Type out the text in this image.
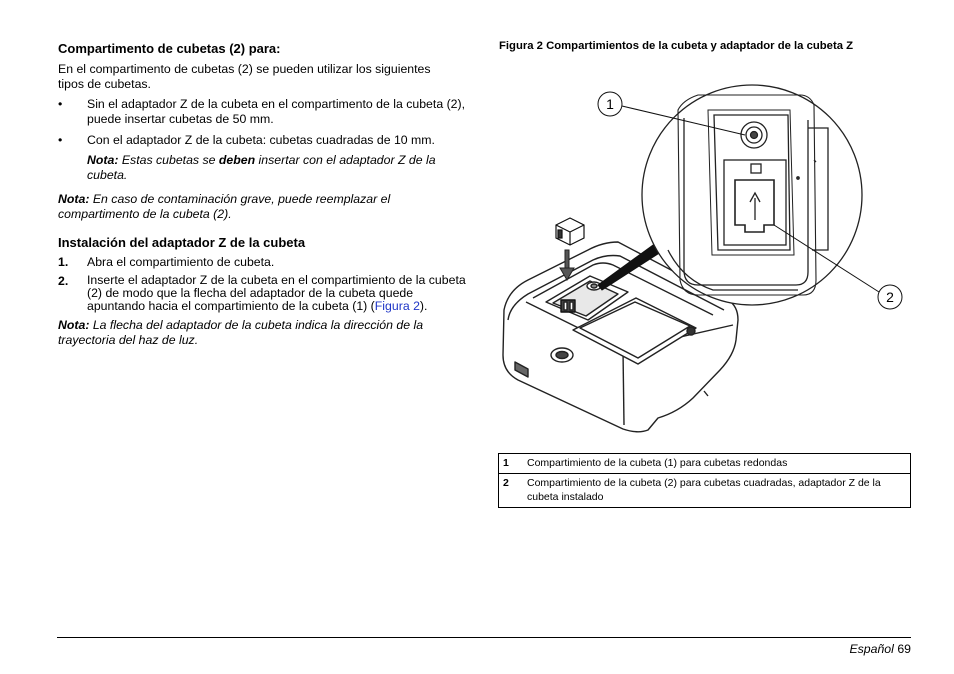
Compartimento de cubetas (2) para:
En el compartimento de cubetas (2) se pueden utilizar los siguientes tipos de cubetas.
• Sin el adaptador Z de la cubeta en el compartimento de la cubeta (2), puede insertar cubetas de 50 mm.
• Con el adaptador Z de la cubeta: cubetas cuadradas de 10 mm.
Nota: Estas cubetas se deben insertar con el adaptador Z de la cubeta.
Nota: En caso de contaminación grave, puede reemplazar el compartimento de la cubeta (2).
Instalación del adaptador Z de la cubeta
1. Abra el compartimiento de cubeta.
2. Inserte el adaptador Z de la cubeta en el compartimiento de la cubeta (2) de modo que la flecha del adaptador de la cubeta quede apuntando hacia el compartimiento de la cubeta (1) (Figura 2).
Nota: La flecha del adaptador de la cubeta indica la dirección de la trayectoria del haz de luz.
Figura 2 Compartimientos de la cubeta y adaptador de la cubeta Z
1
2
1	Compartimiento de la cubeta (1) para cubetas redondas
2	Compartimiento de la cubeta (2) para cubetas cuadradas, adaptador Z de la cubeta instalado
Español 69
